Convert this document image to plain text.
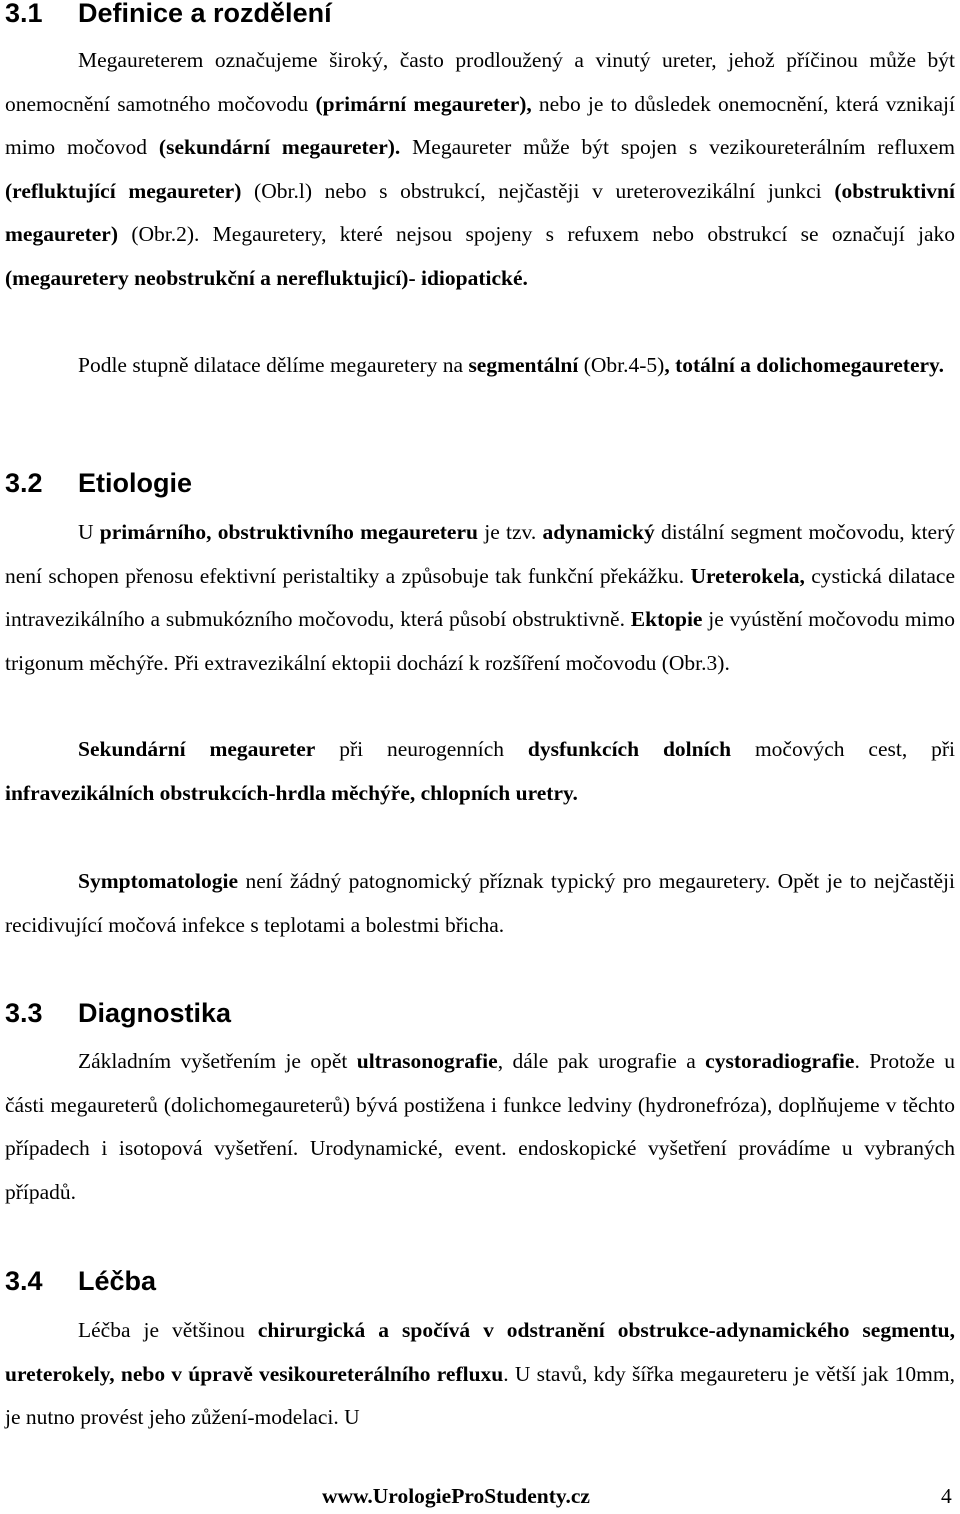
3.1 Definice a rozdělení

Megaureterem označujeme široký, často prodloužený a vinutý ureter, jehož příčinou může být onemocnění samotného močovodu (primární megaureter), nebo je to důsledek onemocnění, která vznikají mimo močovod (sekundární megaureter). Megaureter může být spojen s vezikoureterálním refluxem (refluktující megaureter) (Obr.l) nebo s obstrukcí, nejčastěji v ureterovezikální junkci (obstruktivní megaureter) (Obr.2). Megauretery, které nejsou spojeny s refuxem nebo obstrukcí se označují jako (megauretery neobstrukční a nerefluktujicí)- idiopatické.

Podle stupně dilatace dělíme megauretery na segmentální (Obr.4-5), totální a dolichomegauretery.

3.2 Etiologie

U primárního, obstruktivního megaureteru je tzv. adynamický distální segment močovodu, který není schopen přenosu efektivní peristaltiky a způsobuje tak funkční překážku. Ureterokela, cystická dilatace intravezikálního a submukózního močovodu, která působí obstruktivně. Ektopie je vyústění močovodu mimo trigonum měchýře. Při extravezikální ektopii dochází k rozšíření močovodu (Obr.3).

Sekundární megaureter při neurogenních dysfunkcích dolních močových cest, při infravezikálních obstrukcích-hrdla měchýře, chlopních uretry.

Symptomatologie není žádný patognomický příznak typický pro megauretery. Opět je to nejčastěji recidivující močová infekce s teplotami a bolestmi břicha.

3.3 Diagnostika

Základním vyšetřením je opět ultrasonografie, dále pak urografie a cystoradiografie. Protože u části megaureterů (dolichomegaureterů) bývá postižena i funkce ledviny (hydronefróza), doplňujeme v těchto případech i isotopová vyšetření. Urodynamické, event. endoskopické vyšetření provádíme u vybraných případů.

3.4 Léčba

Léčba je většinou chirurgická a spočívá v odstranění obstrukce-adynamického segmentu, ureterokely, nebo v úpravě vesikoureterálního refluxu. U stavů, kdy šířka megaureteru je větší jak 10mm, je nutno provést jeho zůžení-modelaci. U

www.UrologieProStudenty.cz	4
